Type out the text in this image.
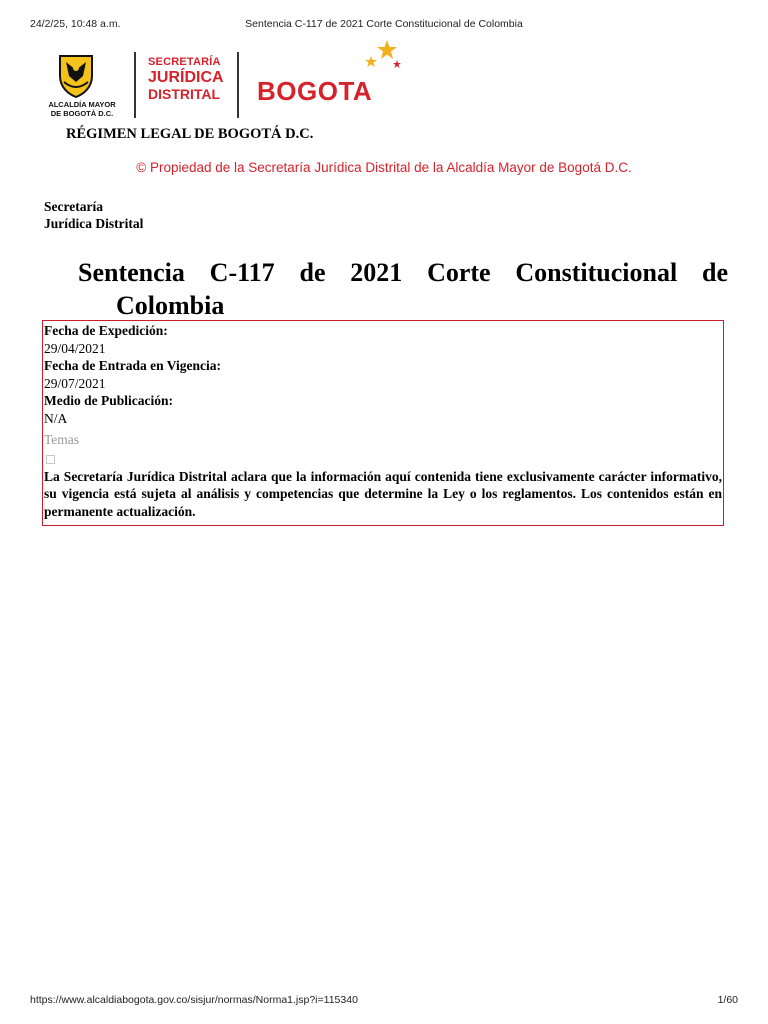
24/2/25, 10:48 a.m.	Sentencia C-117 de 2021 Corte Constitucional de Colombia
ALCALDÍA MAYOR
DE BOGOTÁ D.C.
SECRETARÍA
JURÍDICA
DISTRITAL	BOGOTA
RÉGIMEN LEGAL DE BOGOTÁ D.C.
© Propiedad de la Secretaría Jurídica Distrital de la Alcaldía Mayor de Bogotá D.C.
Secretaría
Jurídica Distrital
Sentencia C-117 de 2021 Corte Constitucional de
Colombia
Fecha de Expedición:
29/04/2021
Fecha de Entrada en Vigencia:
29/07/2021
Medio de Publicación:
N/A
Temas
La Secretaría Jurídica Distrital aclara que la información aquí contenida tiene exclusivamente carácter informativo, su vigencia está sujeta al análisis y competencias que determine la Ley o los reglamentos. Los contenidos están en permanente actualización.
https://www.alcaldiabogota.gov.co/sisjur/normas/Norma1.jsp?i=115340	1/60
